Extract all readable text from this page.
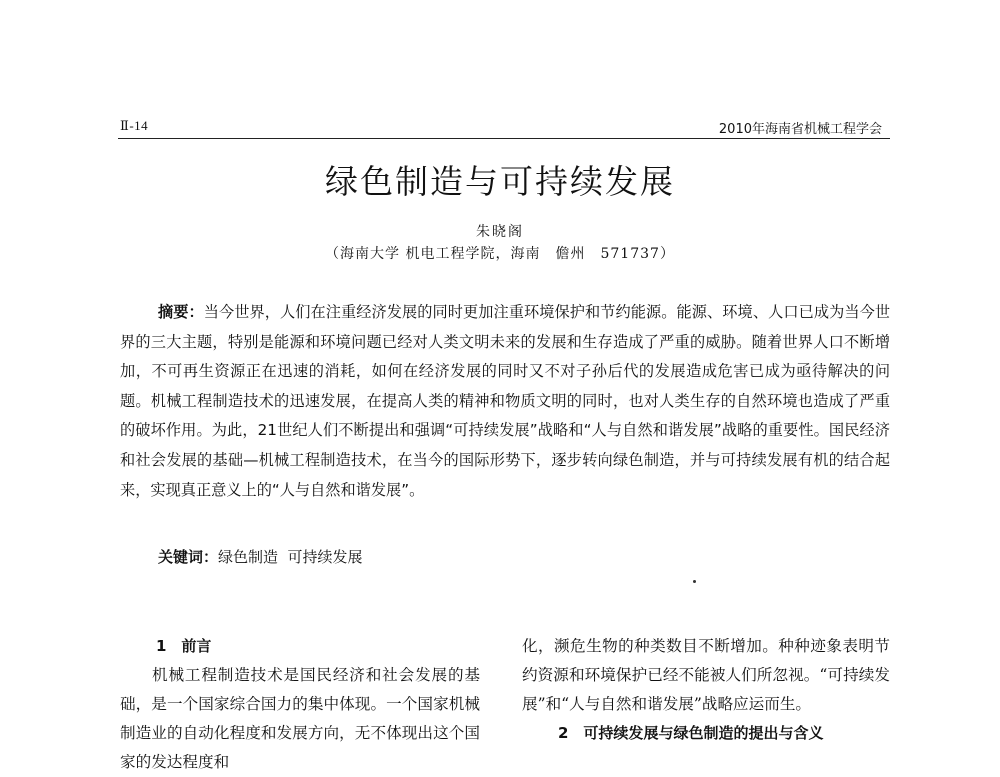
Ⅱ-14	2010年海南省机械工程学会
绿色制造与可持续发展
朱晓阁
（海南大学 机电工程学院，海南　儋州　571737）
摘要：当今世界，人们在注重经济发展的同时更加注重环境保护和节约能源。能源、环境、人口已成为当今世界的三大主题，特别是能源和环境问题已经对人类文明未来的发展和生存造成了严重的威胁。随着世界人口不断增加，不可再生资源正在迅速的消耗，如何在经济发展的同时又不对子孙后代的发展造成危害已成为亟待解决的问题。机械工程制造技术的迅速发展，在提高人类的精神和物质文明的同时，也对人类生存的自然环境也造成了严重的破坏作用。为此，21世纪人们不断提出和强调“可持续发展”战略和“人与自然和谐发展”战略的重要性。国民经济和社会发展的基础—机械工程制造技术，在当今的国际形势下，逐步转向绿色制造，并与可持续发展有机的结合起来，实现真正意义上的“人与自然和谐发展”。
关键词：绿色制造  可持续发展
1　前言

机械工程制造技术是国民经济和社会发展的基础，是一个国家综合国力的集中体现。一个国家机械制造业的自动化程度和发展方向，无不体现出这个国家的发达程度和

化，濒危生物的种类数目不断增加。种种迹象表明节约资源和环境保护已经不能被人们所忽视。“可持续发展”和“人与自然和谐发展”战略应运而生。

2　可持续发展与绿色制造的提出与含义
